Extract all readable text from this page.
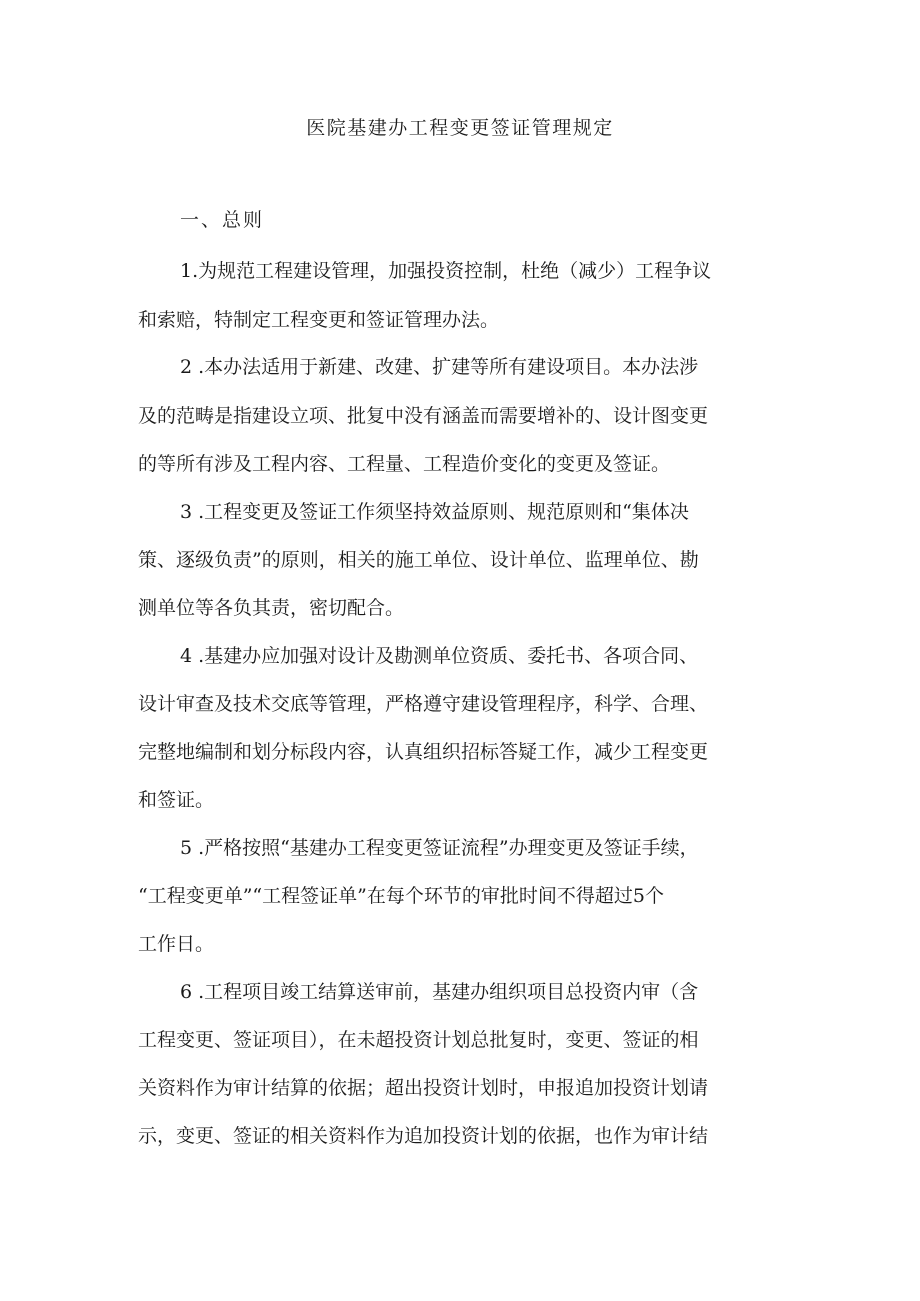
医院基建办工程变更签证管理规定
一、总则
1.为规范工程建设管理，加强投资控制，杜绝（减少）工程争议
和索赔，特制定工程变更和签证管理办法。
2 .本办法适用于新建、改建、扩建等所有建设项目。本办法涉
及的范畴是指建设立项、批复中没有涵盖而需要增补的、设计图变更
的等所有涉及工程内容、工程量、工程造价变化的变更及签证。
3 .工程变更及签证工作须坚持效益原则、规范原则和“集体决
策、逐级负责”的原则，相关的施工单位、设计单位、监理单位、勘
测单位等各负其责，密切配合。
4 .基建办应加强对设计及勘测单位资质、委托书、各项合同、
设计审查及技术交底等管理，严格遵守建设管理程序，科学、合理、
完整地编制和划分标段内容，认真组织招标答疑工作，减少工程变更
和签证。
5 .严格按照“基建办工程变更签证流程”办理变更及签证手续，
“工程变更单”“工程签证单”在每个环节的审批时间不得超过5个
工作日。
6 .工程项目竣工结算送审前，基建办组织项目总投资内审（含
工程变更、签证项目），在未超投资计划总批复时，变更、签证的相
关资料作为审计结算的依据；超出投资计划时，申报追加投资计划请
示，变更、签证的相关资料作为追加投资计划的依据，也作为审计结
